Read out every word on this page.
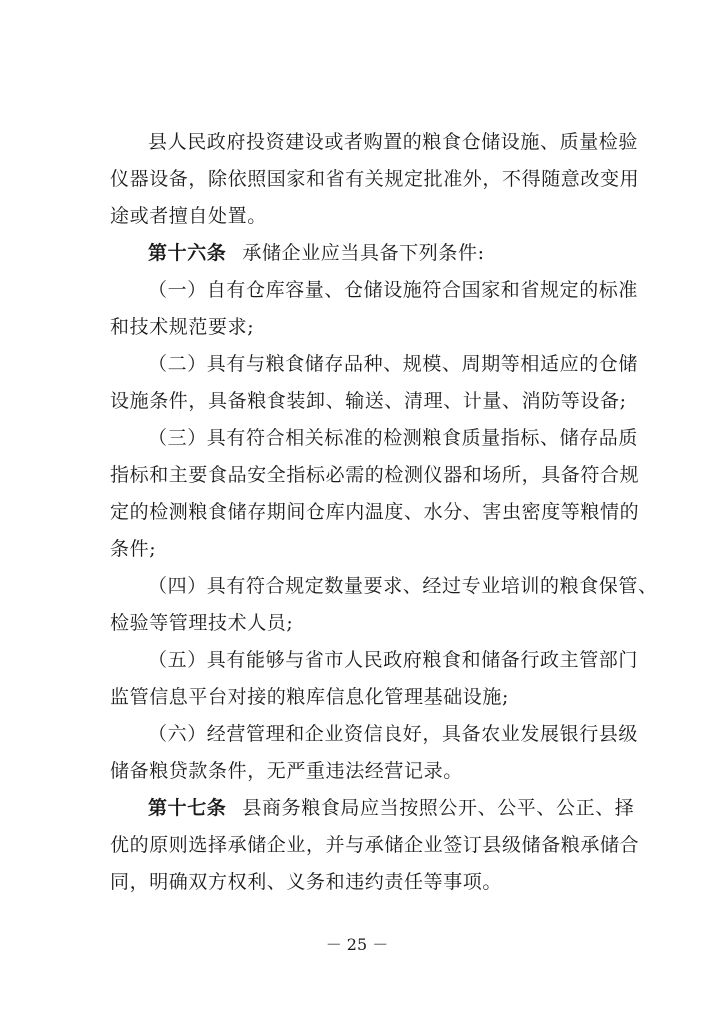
县人民政府投资建设或者购置的粮食仓储设施、质量检验
仪器设备，除依照国家和省有关规定批准外，不得随意改变用
途或者擅自处置。
第十六条 承储企业应当具备下列条件:
（一）自有仓库容量、仓储设施符合国家和省规定的标准
和技术规范要求;
（二）具有与粮食储存品种、规模、周期等相适应的仓储
设施条件，具备粮食装卸、输送、清理、计量、消防等设备;
（三）具有符合相关标准的检测粮食质量指标、储存品质
指标和主要食品安全指标必需的检测仪器和场所，具备符合规
定的检测粮食储存期间仓库内温度、水分、害虫密度等粮情的
条件;
（四）具有符合规定数量要求、经过专业培训的粮食保管、
检验等管理技术人员;
（五）具有能够与省市人民政府粮食和储备行政主管部门
监管信息平台对接的粮库信息化管理基础设施;
（六）经营管理和企业资信良好，具备农业发展银行县级
储备粮贷款条件，无严重违法经营记录。
第十七条 县商务粮食局应当按照公开、公平、公正、择
优的原则选择承储企业，并与承储企业签订县级储备粮承储合
同，明确双方权利、义务和违约责任等事项。
－ 25 －
